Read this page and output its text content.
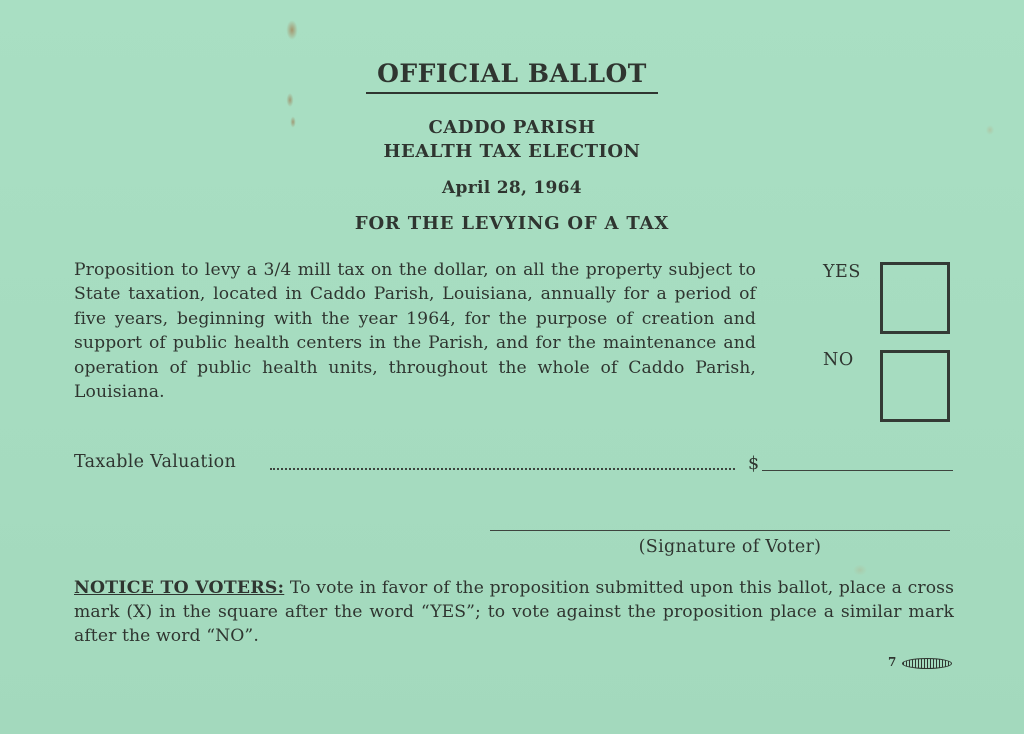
OFFICIAL BALLOT
CADDO PARISH
HEALTH TAX ELECTION
April 28, 1964
FOR THE LEVYING OF A TAX
Proposition to levy a 3/4 mill tax on the dollar, on all the property subject to State taxation, located in Caddo Parish, Louisiana, annually for a period of five years, beginning with the year 1964, for the purpose of creation and support of public health centers in the Parish, and for the maintenance and operation of public health units, throughout the whole of Caddo Parish, Louisiana.
YES
NO
Taxable Valuation	$
(Signature of Voter)
NOTICE TO VOTERS: To vote in favor of the proposition submitted upon this ballot, place a cross mark (X) in the square after the word “YES”; to vote against the proposition place a similar mark after the word “NO”.
7
